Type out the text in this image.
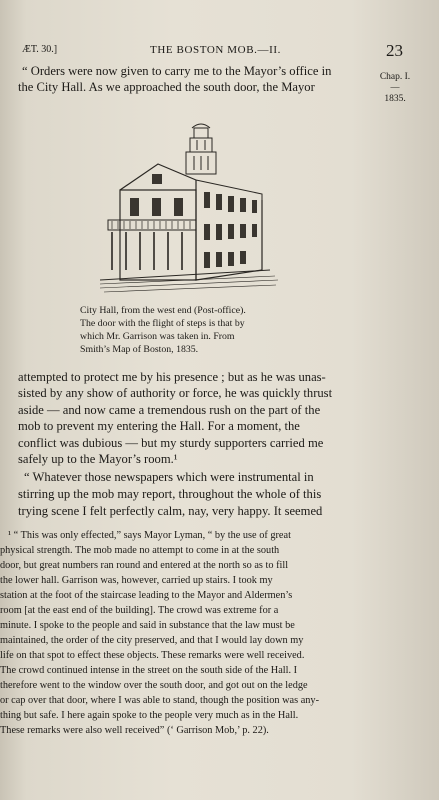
ÆT. 30.]	THE BOSTON MOB.—II.	23
Chap. I.
—
1835.
“ Orders were now given to carry me to the Mayor’s office in
the City Hall. As we approached the south door, the Mayor
City Hall, from the west end (Post-office).
The door with the flight of steps is that by
which Mr. Garrison was taken in. From
Smith’s Map of Boston, 1835.
attempted to protect me by his presence ; but as he was unas-
sisted by any show of authority or force, he was quickly thrust
aside — and now came a tremendous rush on the part of the
mob to prevent my entering the Hall. For a moment, the
conflict was dubious — but my sturdy supporters carried me
safely up to the Mayor’s room.¹
“ Whatever those newspapers which were instrumental in
stirring up the mob may report, throughout the whole of this
trying scene I felt perfectly calm, nay, very happy. It seemed
¹ “ This was only effected,” says Mayor Lyman, “ by the use of great
physical strength. The mob made no attempt to come in at the south
door, but great numbers ran round and entered at the north so as to fill
the lower hall. Garrison was, however, carried up stairs. I took my
station at the foot of the staircase leading to the Mayor and Aldermen’s
room [at the east end of the building]. The crowd was extreme for a
minute. I spoke to the people and said in substance that the law must be
maintained, the order of the city preserved, and that I would lay down my
life on that spot to effect these objects. These remarks were well received.
The crowd continued intense in the street on the south side of the Hall. I
therefore went to the window over the south door, and got out on the ledge
or cap over that door, where I was able to stand, though the position was any-
thing but safe. I here again spoke to the people very much as in the Hall.
These remarks were also well received” (‘ Garrison Mob,’ p. 22).
